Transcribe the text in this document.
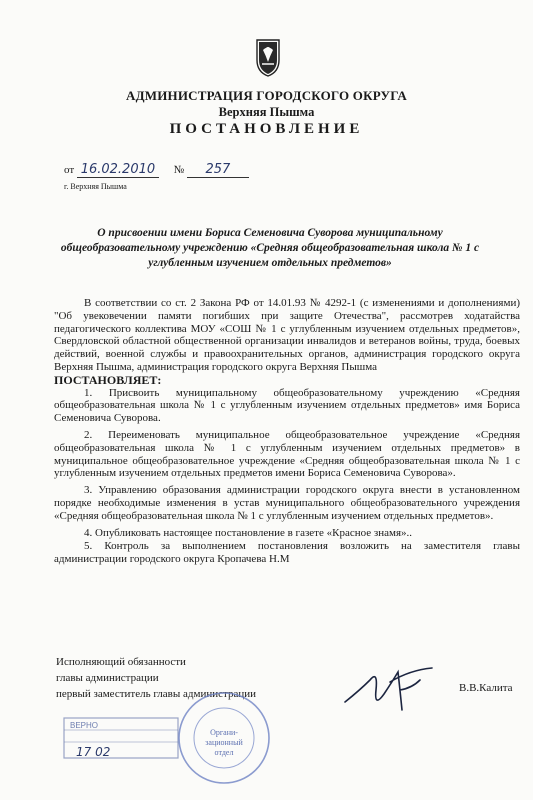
АДМИНИСТРАЦИЯ ГОРОДСКОГО ОКРУГА
Верхняя Пышма
ПОСТАНОВЛЕНИЕ
от 16.02.2010 № 257
г. Верхняя Пышма
О присвоении имени Бориса Семеновича Суворова муниципальному общеобразовательному учреждению «Средняя общеобразовательная школа № 1 с углубленным изучением отдельных предметов»

В соответствии со ст. 2 Закона РФ от 14.01.93 № 4292-1 (с изменениями и дополнениями) "Об увековечении памяти погибших при защите Отечества", рассмотрев ходатайства педагогического коллектива МОУ «СОШ № 1 с углубленным изучением отдельных предметов», Свердловской областной общественной организации инвалидов и ветеранов войны, труда, боевых действий, военной службы и правоохранительных органов, администрация городского округа Верхняя Пышма, администрация городского округа Верхняя Пышма

ПОСТАНОВЛЯЕТ:

1. Присвоить муниципальному общеобразовательному учреждению «Средняя общеобразовательная школа № 1 с углубленным изучением отдельных предметов» имя Бориса Семеновича Суворова.

2. Переименовать муниципальное общеобразовательное учреждение «Средняя общеобразовательная школа № 1 с углубленным изучением отдельных предметов» в муниципальное общеобразовательное учреждение «Средняя общеобразовательная школа № 1 с углубленным изучением отдельных предметов имени Бориса Семеновича Суворова».

3. Управлению образования администрации городского округа внести в установленном порядке необходимые изменения в устав муниципального общеобразовательного учреждения «Средняя общеобразовательная школа № 1 с углубленным изучением отдельных предметов».

4. Опубликовать настоящее постановление в газете «Красное знамя»..

5. Контроль за выполнением постановления возложить на заместителя главы администрации городского округа Кропачева Н.М

Исполняющий обязанности
главы администрации
первый заместитель главы администрации	В.В.Калита
ВЕРНО
17 02
Органи-
зационный
отдел
